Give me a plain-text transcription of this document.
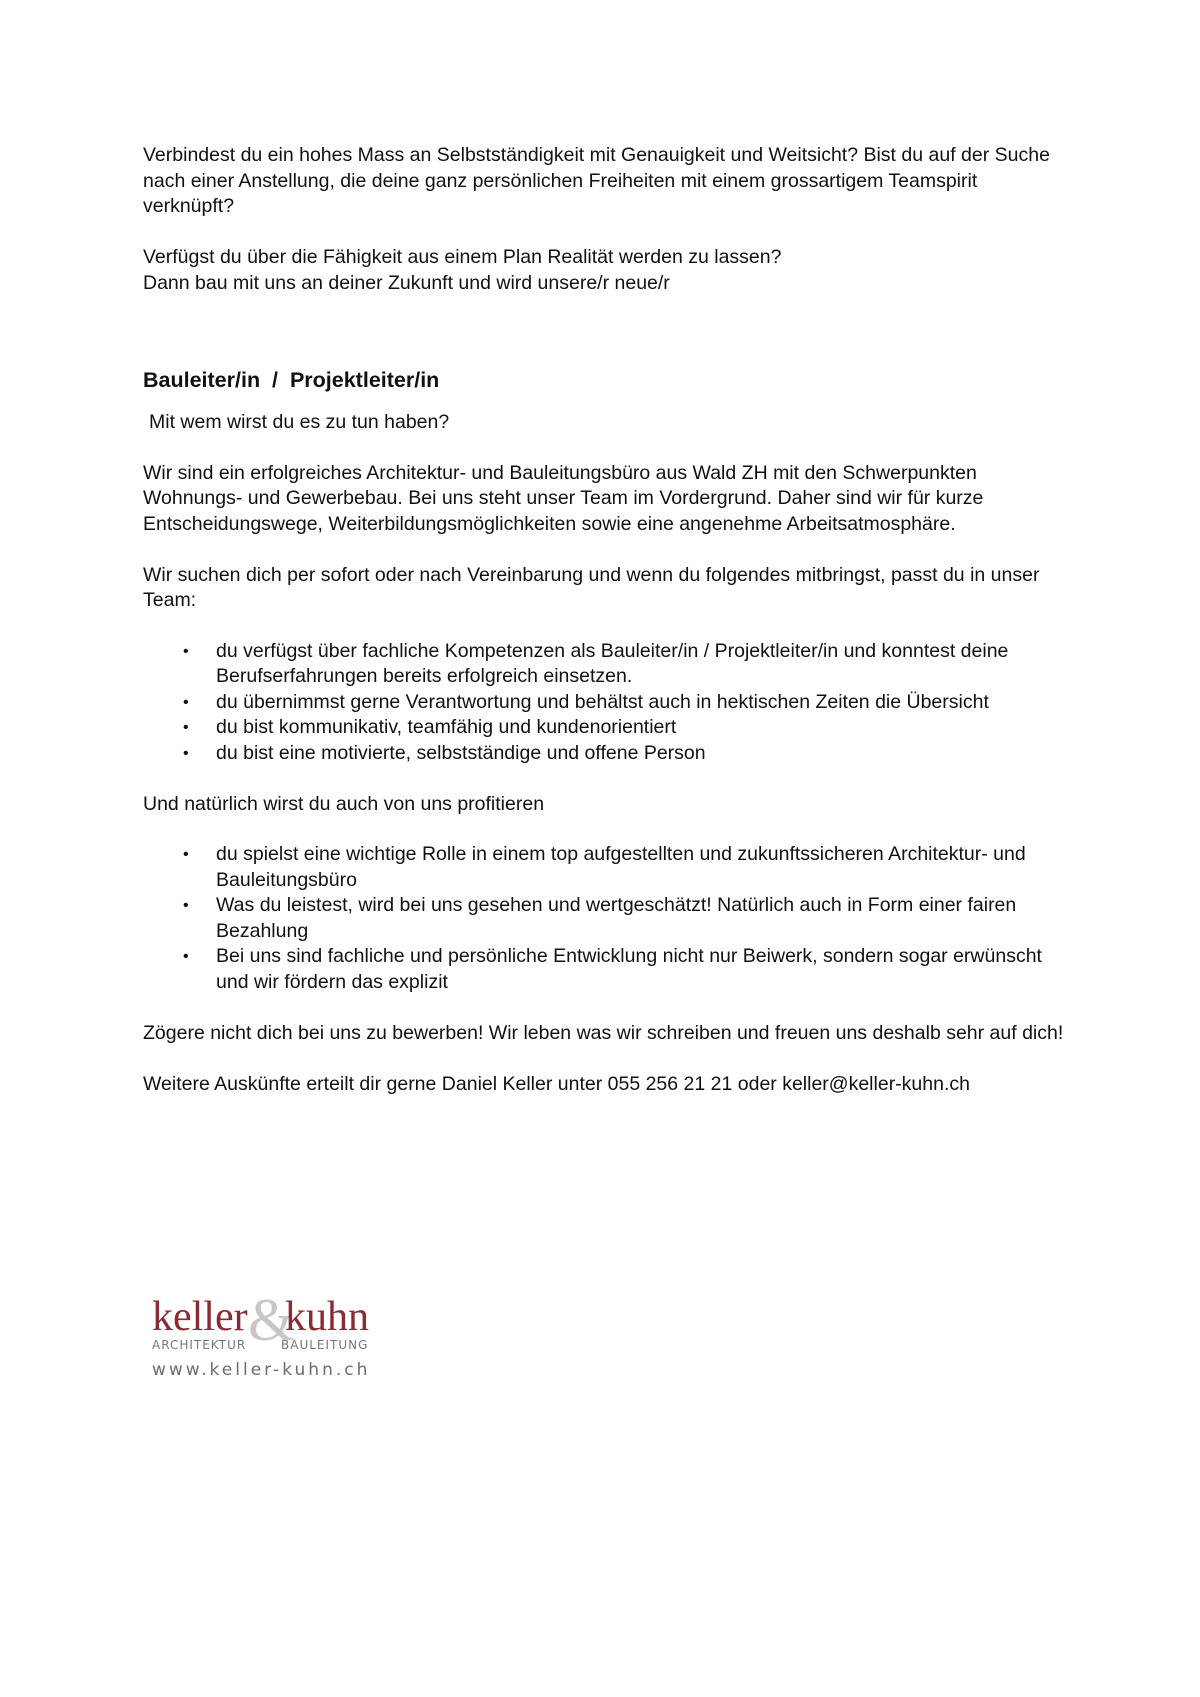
Verbindest du ein hohes Mass an Selbstständigkeit mit Genauigkeit und Weitsicht? Bist du auf der Suche nach einer Anstellung, die deine ganz persönlichen Freiheiten mit einem grossartigem Teamspirit verknüpft?

Verfügst du über die Fähigkeit aus einem Plan Realität werden zu lassen?

Dann bau mit uns an deiner Zukunft und wird unsere/r neue/r

Bauleiter/in  /  Projektleiter/in

Mit wem wirst du es zu tun haben?

Wir sind ein erfolgreiches Architektur- und Bauleitungsbüro aus Wald ZH mit den Schwerpunkten Wohnungs- und Gewerbebau. Bei uns steht unser Team im Vordergrund. Daher sind wir für kurze Entscheidungswege, Weiterbildungsmöglichkeiten sowie eine angenehme Arbeitsatmosphäre.

Wir suchen dich per sofort oder nach Vereinbarung und wenn du folgendes mitbringst, passt du in unser Team:

• du verfügst über fachliche Kompetenzen als Bauleiter/in / Projektleiter/in und konntest deine Berufserfahrungen bereits erfolgreich einsetzen.
• du übernimmst gerne Verantwortung und behältst auch in hektischen Zeiten die Übersicht
• du bist kommunikativ, teamfähig und kundenorientiert
• du bist eine motivierte, selbstständige und offene Person

Und natürlich wirst du auch von uns profitieren

• du spielst eine wichtige Rolle in einem top aufgestellten und zukunftssicheren Architektur- und Bauleitungsbüro
• Was du leistest, wird bei uns gesehen und wertgeschätzt! Natürlich auch in Form einer fairen Bezahlung
• Bei uns sind fachliche und persönliche Entwicklung nicht nur Beiwerk, sondern sogar erwünscht und wir fördern das explizit

Zögere nicht dich bei uns zu bewerben! Wir leben was wir schreiben und freuen uns deshalb sehr auf dich!

Weitere Auskünfte erteilt dir gerne Daniel Keller unter 055 256 21 21 oder keller@keller-kuhn.ch

&
keller kuhn
ARCHITEKTUR	BAULEITUNG
www.keller-kuhn.ch
